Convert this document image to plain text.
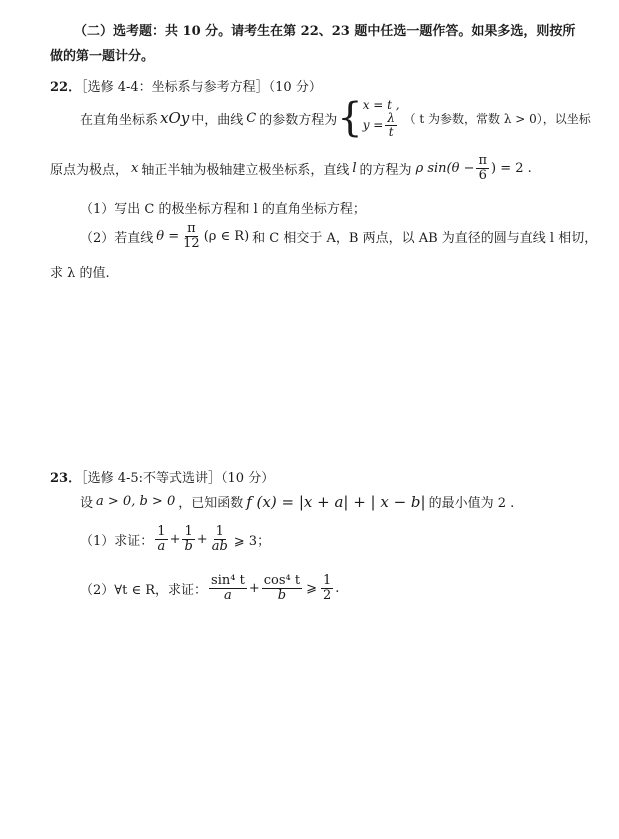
（二）选考题：共 10 分。请考生在第 22、23 题中任选一题作答。如果多选，则按所
做的第一题计分。
22．［选修 4-4：坐标系与参考方程］（10 分）
在直角坐标系 xOy 中，曲线 C 的参数方程为 { x = t ,
$y = \frac{\lambda}{t}$ （ t 为参数，常数 λ > 0），以坐标
原点为极点， x 轴正半轴为极轴建立极坐标系，直线 l 的方程为 ρ $\sin(\theta - \frac{\pi}{6}$ ) = 2 .
（1）写出 C 的极坐标方程和 l 的直角坐标方程；
（2）若直线 $\theta = \frac{\pi}{12} (\rho$ ∈ R) 和 C 相交于 A，B 两点，以 AB 为直径的圆与直线 l 相切，
求 λ 的值.
23．［选修 4-5:不等式选讲］（10 分）
设 a > 0, b > 0 ，已知函数 f (x) = |x + a| + | x − b| 的最小值为 2 .
（1）求证： $\frac{1}{a} + \frac{1}{b} + \frac{1}{ab}$ ⩾ 3；
（2）∀t ∈ R，求证： $\frac{\text{sin⁴ t}}{a} + \frac{\text{cos⁴ t}}{b}$ ⩾ $\frac{1}{2}$ .
